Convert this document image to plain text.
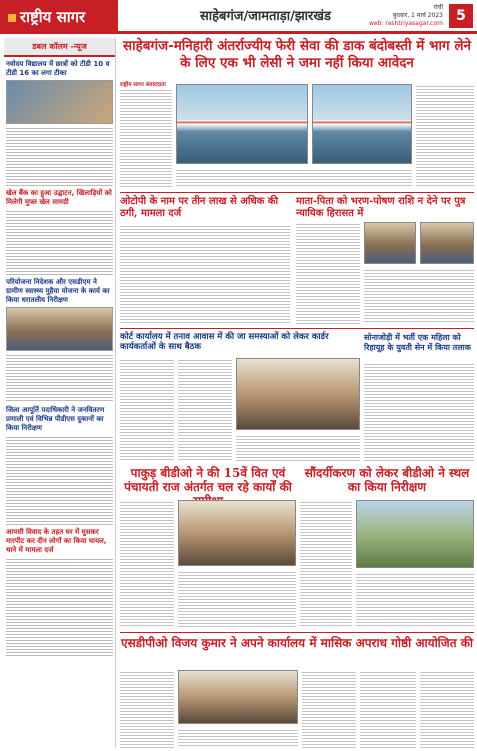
राष्ट्रीय सागर	साहेबगंज/जामताड़ा/झारखंड
रांची
बुधवार, 1 मार्च 2023
web: rashtriyasagar.com 5
डबल कॉलम -न्यूज
नवोदय विद्यालय में छात्रों को टीडी 10 व टीडी 16 का लगा टीका
खेल बैंक का हुआ उद्घाटन, खिलाड़ियों को मिलेगी मुफ्त खेल सामग्री
परियोजना निदेशक और एसडीएम ने ग्रामीण स्वास्थ्य मुहैया योजना के कार्य का किया धरातलीय निरीक्षण
जिला आपूर्ति पदाधिकारी ने जनवितरण प्रणाली एवं विभिन्न पीडीएस दुकानों का किया निरीक्षण
आपसी विवाद के तहत घर में घुसकर मारपीट कर दीन लोगों का किया घायल, थाने में मामला दर्ज
साहेबगंज-मनिहारी अंतर्राज्यीय फेरी सेवा की डाक बंदोबस्ती में भाग लेने के लिए एक भी लेसी ने जमा नहीं किया आवेदन
राष्ट्रीय सागर संवाददाता
ओटोपी के नाम पर तीन लाख से अधिक की ठगी, मामला दर्ज
माता-पिता को भरण-पोषण राशि न देने पर पुत्र न्यायिक हिरासत में
कोर्ट कार्यालय में तनाव आवास में की जा समस्याओं को लेकर कार्डर कार्यकर्ताओं के साथ बैठक
सोनाजोड़ी में भर्ती एक महिला को रिहायूह के युवती सेन में किया तलाक
पाकुड़ बीडीओ ने की 15वें वित एवं पंचायती राज अंतर्गत चल रहे कार्यों की
सौंदर्यीकरण को लेकर बीडीओ ने स्थल का किया निरीक्षण
एसडीपीओ विजय कुमार ने अपने कार्यालय में मासिक अपराध गोष्ठी आयोजित की
